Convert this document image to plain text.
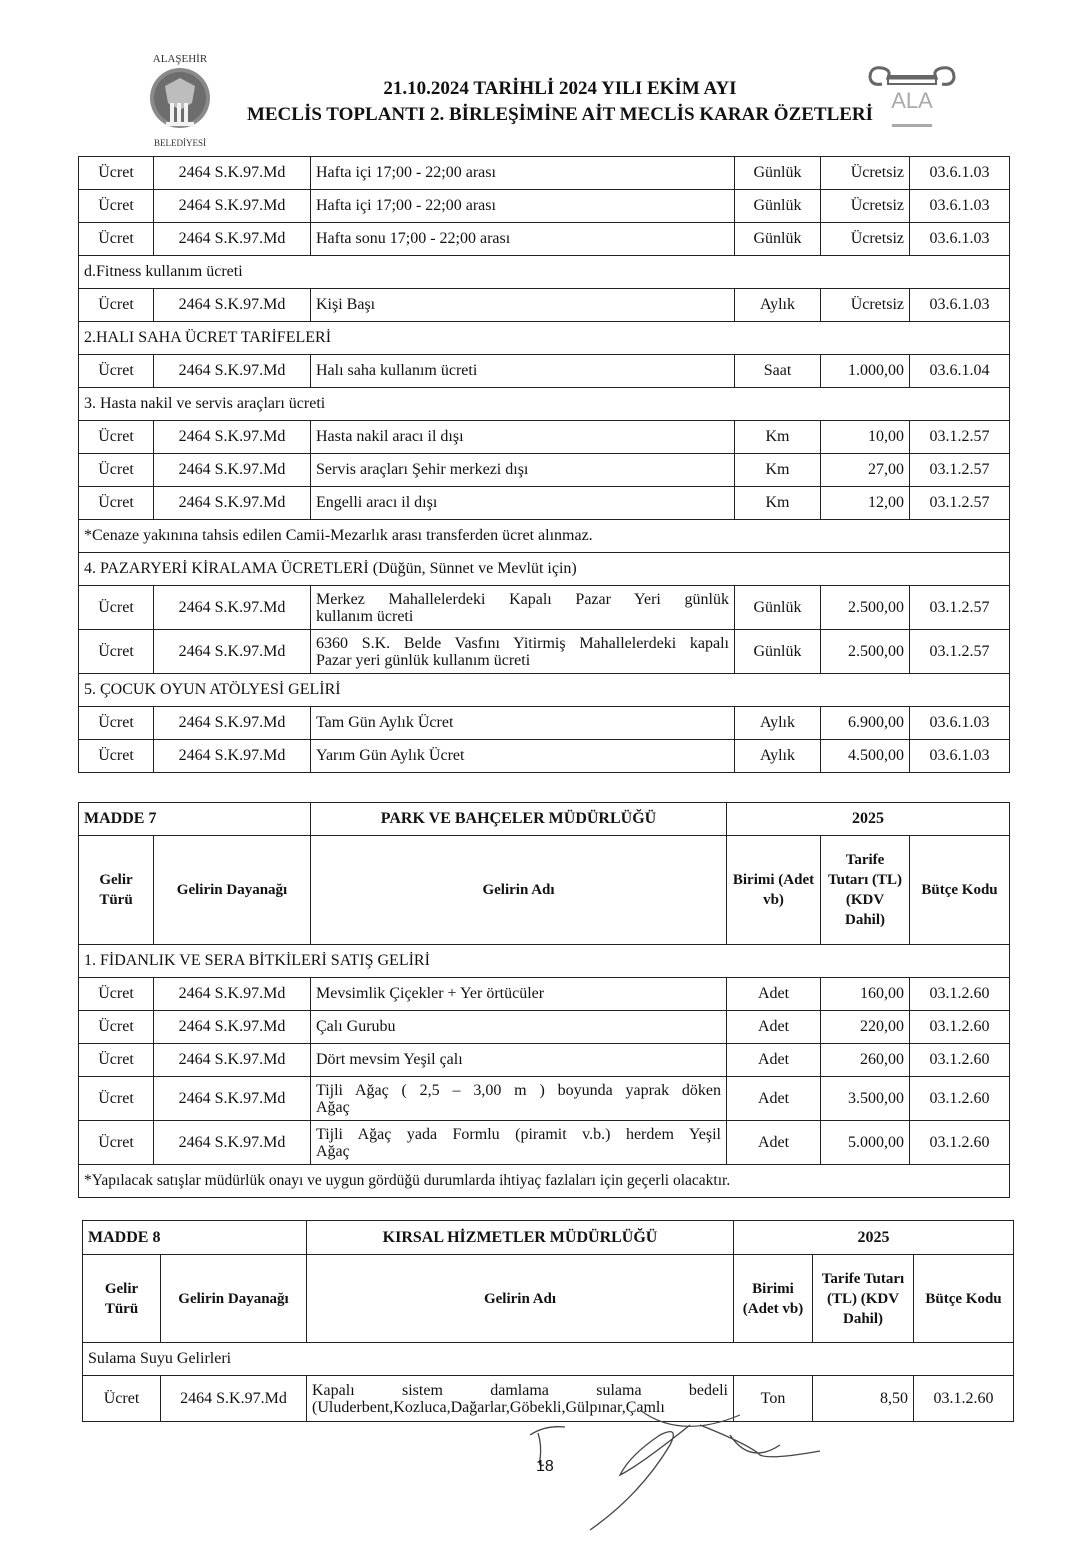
ALAŞEHİR
BELEDİYESİ
ALA
21.10.2024 TARİHLİ 2024 YILI EKİM AYI
MECLİS TOPLANTI 2. BİRLEŞİMİNE AİT MECLİS KARAR ÖZETLERİ
Ücret	2464 S.K.97.Md	Hafta içi 17;00 - 22;00 arası	Günlük	Ücretsiz	03.6.1.03
Ücret	2464 S.K.97.Md	Hafta içi 17;00 - 22;00 arası	Günlük	Ücretsiz	03.6.1.03
Ücret	2464 S.K.97.Md	Hafta sonu 17;00 - 22;00 arası	Günlük	Ücretsiz	03.6.1.03
d.Fitness kullanım ücreti					
Ücret	2464 S.K.97.Md	Kişi Başı	Aylık	Ücretsiz	03.6.1.03
2.HALI SAHA ÜCRET TARİFELERİ					
Ücret	2464 S.K.97.Md	Halı saha kullanım ücreti	Saat	1.000,00	03.6.1.04
3. Hasta nakil ve servis araçları ücreti					
Ücret	2464 S.K.97.Md	Hasta nakil aracı il dışı	Km	10,00	03.1.2.57
Ücret	2464 S.K.97.Md	Servis araçları Şehir merkezi dışı	Km	27,00	03.1.2.57
Ücret	2464 S.K.97.Md	Engelli aracı il dışı	Km	12,00	03.1.2.57
*Cenaze yakınına tahsis edilen Camii-Mezarlık arası transferden ücret alınmaz.					
4. PAZARYERİ KİRALAMA ÜCRETLERİ (Düğün, Sünnet ve Mevlüt için)					
Ücret	2464 S.K.97.Md	Merkez Mahallelerdeki Kapalı Pazar Yeri günlük
kullanım ücreti	Günlük	2.500,00	03.1.2.57
Ücret	2464 S.K.97.Md	6360 S.K. Belde Vasfını Yitirmiş Mahallelerdeki kapalı
Pazar yeri günlük kullanım ücreti	Günlük	2.500,00	03.1.2.57
5. ÇOCUK OYUN ATÖLYESİ GELİRİ					
Ücret	2464 S.K.97.Md	Tam Gün Aylık Ücret	Aylık	6.900,00	03.6.1.03
Ücret	2464 S.K.97.Md	Yarım Gün Aylık Ücret	Aylık	4.500,00	03.6.1.03
MADDE 7		PARK VE BAHÇELER MÜDÜRLÜĞÜ	2025		
Gelir Türü	Gelirin Dayanağı	Gelirin Adı	Birimi (Adet vb)	Tarife Tutarı (TL) (KDV Dahil)	Bütçe Kodu
1. FİDANLIK VE SERA BİTKİLERİ SATIŞ GELİRİ					
Ücret	2464 S.K.97.Md	Mevsimlik Çiçekler + Yer örtücüler	Adet	160,00	03.1.2.60
Ücret	2464 S.K.97.Md	Çalı Gurubu	Adet	220,00	03.1.2.60
Ücret	2464 S.K.97.Md	Dört mevsim Yeşil çalı	Adet	260,00	03.1.2.60
Ücret	2464 S.K.97.Md	Tijli Ağaç ( 2,5 – 3,00 m ) boyunda yaprak döken
Ağaç	Adet	3.500,00	03.1.2.60
Ücret	2464 S.K.97.Md	Tijli Ağaç yada Formlu (piramit v.b.) herdem Yeşil
Ağaç	Adet	5.000,00	03.1.2.60
*Yapılacak satışlar müdürlük onayı ve uygun gördüğü durumlarda ihtiyaç fazlaları için geçerli olacaktır.					
MADDE 8		KIRSAL HİZMETLER MÜDÜRLÜĞÜ	2025		
Gelir Türü	Gelirin Dayanağı	Gelirin Adı	Birimi (Adet vb)	Tarife Tutarı (TL) (KDV Dahil)	Bütçe Kodu
Sulama Suyu Gelirleri					
Ücret	2464 S.K.97.Md	Kapalı sistem damlama sulama bedeli
(Uluderbent,Kozluca,Dağarlar,Göbekli,Gülpınar,Çamlı	Ton	8,50	03.1.2.60
18
